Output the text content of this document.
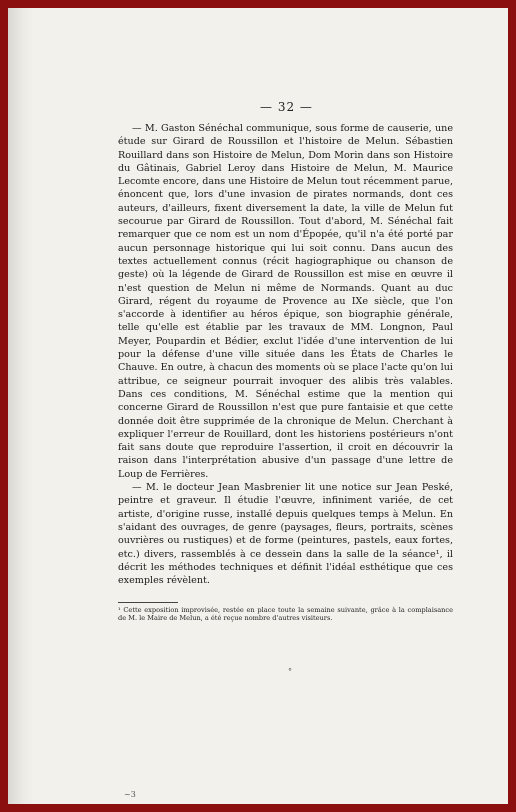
— 32 —

— M. Gaston Sénéchal communique, sous forme de causerie, une étude sur Girard de Roussillon et l'histoire de Melun. Sébastien Rouillard dans son Histoire de Melun, Dom Morin dans son Histoire du Gâtinais, Gabriel Leroy dans Histoire de Melun, M. Maurice Lecomte encore, dans une Histoire de Melun tout récemment parue, énoncent que, lors d'une invasion de pirates normands, dont ces auteurs, d'ailleurs, fixent diversement la date, la ville de Melun fut secourue par Girard de Roussillon. Tout d'abord, M. Sénéchal fait remarquer que ce nom est un nom d'Épopée, qu'il n'a été porté par aucun personnage historique qui lui soit connu. Dans aucun des textes actuellement connus (récit hagiographique ou chanson de geste) où la légende de Girard de Roussillon est mise en œuvre il n'est question de Melun ni même de Normands. Quant au duc Girard, régent du royaume de Provence au IXe siècle, que l'on s'accorde à identifier au héros épique, son biographie générale, telle qu'elle est établie par les travaux de MM. Longnon, Paul Meyer, Poupardin et Bédier, exclut l'idée d'une intervention de lui pour la défense d'une ville située dans les États de Charles le Chauve. En outre, à chacun des moments où se place l'acte qu'on lui attribue, ce seigneur pourrait invoquer des alibis très valables. Dans ces conditions, M. Sénéchal estime que la mention qui concerne Girard de Roussillon n'est que pure fantaisie et que cette donnée doit être supprimée de la chronique de Melun. Cherchant à expliquer l'erreur de Rouillard, dont les historiens postérieurs n'ont fait sans doute que reproduire l'assertion, il croit en découvrir la raison dans l'interprétation abusive d'un passage d'une lettre de Loup de Ferrières.

— M. le docteur Jean Masbrenier lit une notice sur Jean Peské, peintre et graveur. Il étudie l'œuvre, infiniment variée, de cet artiste, d'origine russe, installé depuis quelques temps à Melun. En s'aidant des ouvrages, de genre (paysages, fleurs, portraits, scènes ouvrières ou rustiques) et de forme (peintures, pastels, eaux fortes, etc.) divers, rassemblés à ce dessein dans la salle de la séance¹, il décrit les méthodes techniques et définit l'idéal esthétique que ces exemples révèlent.

¹ Cette exposition improvisée, restée en place toute la semaine suivante, grâce à la complaisance de M. le Maire de Melun, a été reçue nombre d'autres visiteurs.

°
~3
